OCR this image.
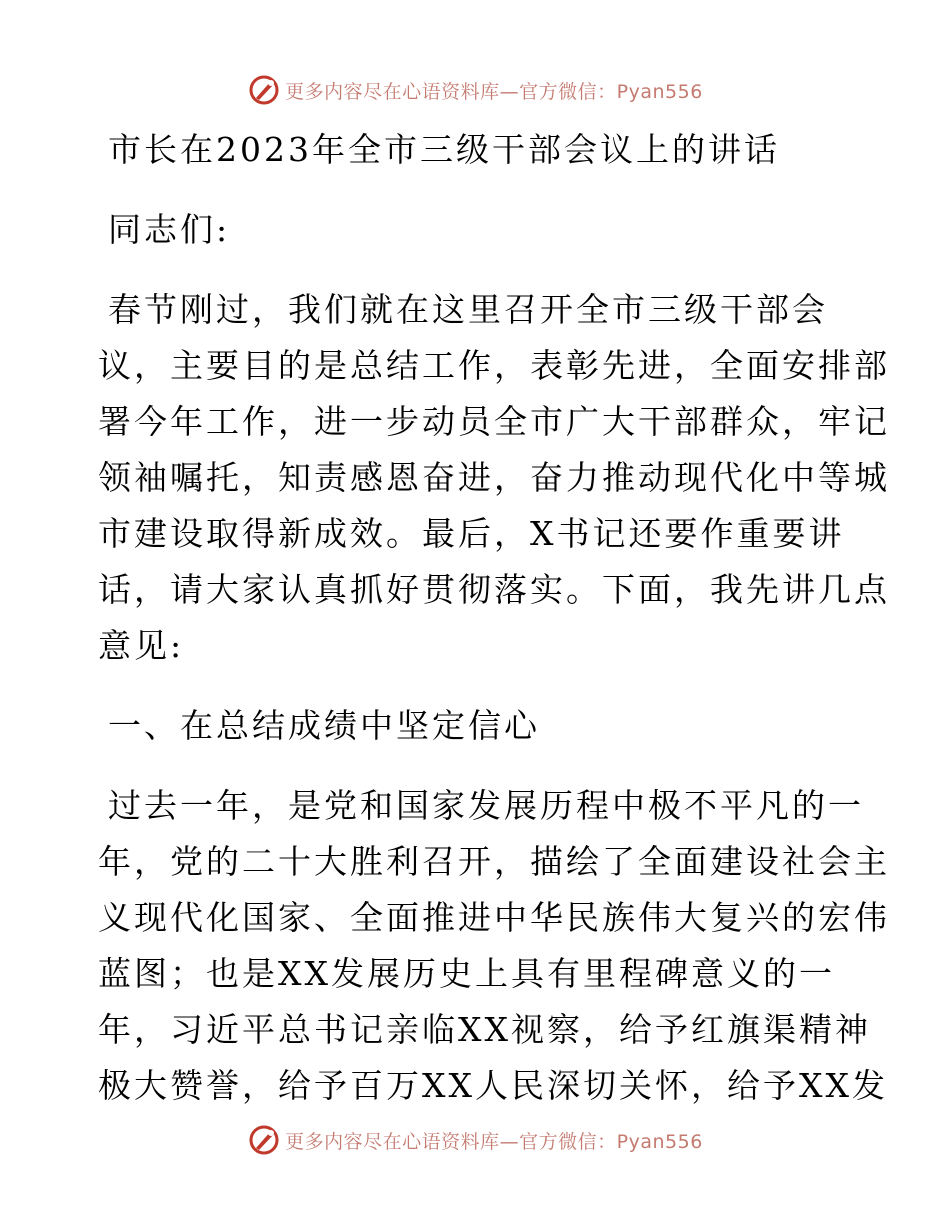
更多内容尽在心语资料库—官方微信：Pyan556
市长在2023年全市三级干部会议上的讲话
同志们:
春节刚过，我们就在这里召开全市三级干部会
议，主要目的是总结工作，表彰先进，全面安排部
署今年工作，进一步动员全市广大干部群众，牢记
领袖嘱托，知责感恩奋进，奋力推动现代化中等城
市建设取得新成效。最后，X书记还要作重要讲
话，请大家认真抓好贯彻落实。下面，我先讲几点
意见:
一、在总结成绩中坚定信心
过去一年，是党和国家发展历程中极不平凡的一
年，党的二十大胜利召开，描绘了全面建设社会主
义现代化国家、全面推进中华民族伟大复兴的宏伟
蓝图；也是XX发展历史上具有里程碑意义的一
年，习近平总书记亲临XX视察，给予红旗渠精神
极大赞誉，给予百万XX人民深切关怀，给予XX发
更多内容尽在心语资料库—官方微信：Pyan556
